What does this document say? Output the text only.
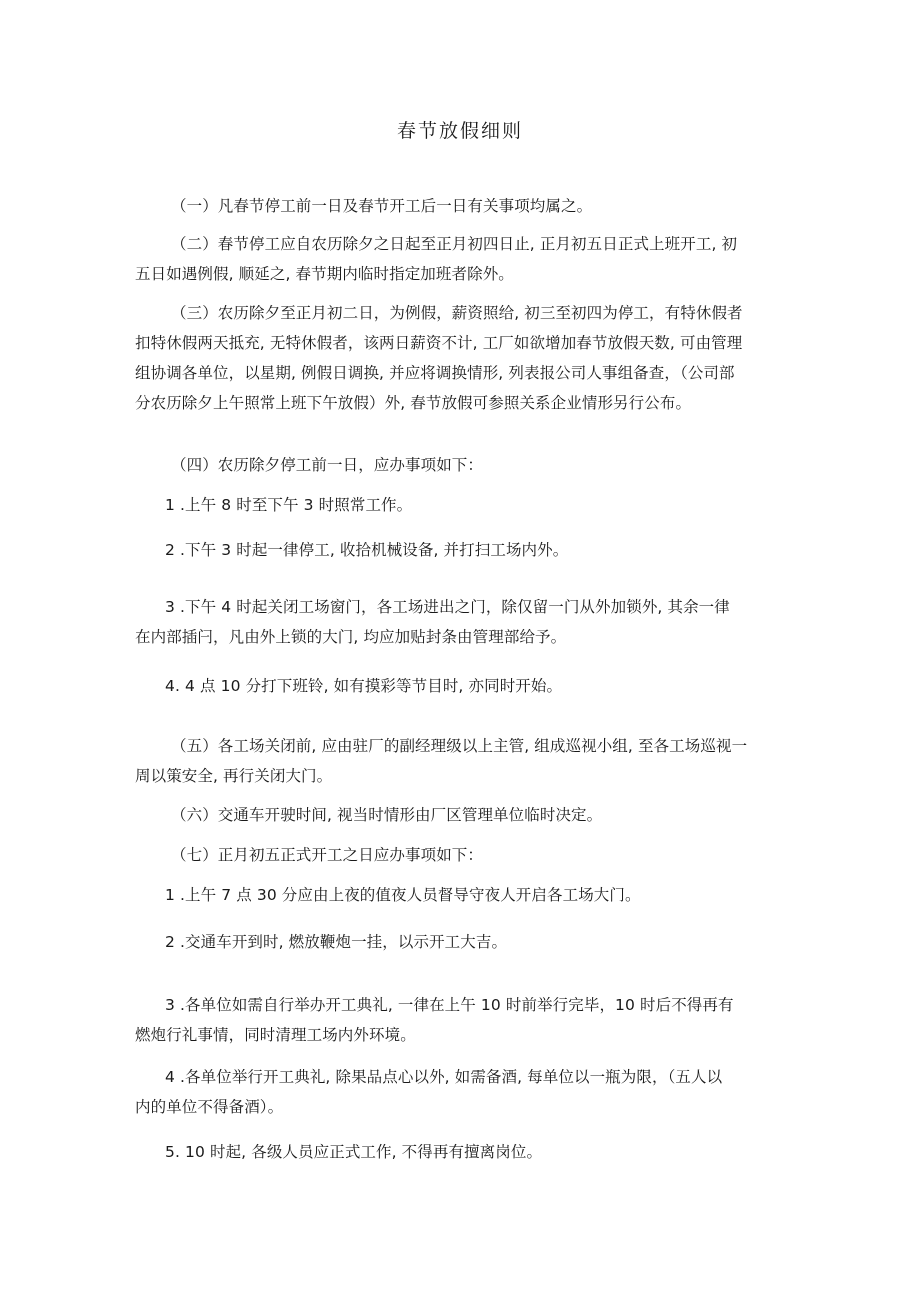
春节放假细则
（一）凡春节停工前一日及春节开工后一日有关事项均属之。
（二）春节停工应自农历除夕之日起至正月初四日止, 正月初五日正式上班开工, 初
五日如遇例假, 顺延之, 春节期内临时指定加班者除外。
（三）农历除夕至正月初二日，为例假，薪资照给, 初三至初四为停工，有特休假者
扣特休假两天抵充, 无特休假者，该两日薪资不计, 工厂如欲增加春节放假天数, 可由管理
组协调各单位，以星期, 例假日调换, 并应将调换情形, 列表报公司人事组备查，（公司部
分农历除夕上午照常上班下午放假）外, 春节放假可参照关系企业情形另行公布。
（四）农历除夕停工前一日，应办事项如下：
1 .上午 8 时至下午 3 时照常工作。
2 .下午 3 时起一律停工, 收拾机械设备, 并打扫工场内外。
3 .下午 4 时起关闭工场窗门，各工场进出之门，除仅留一门从外加锁外, 其余一律
在内部插闩，凡由外上锁的大门, 均应加贴封条由管理部给予。
4. 4 点 10 分打下班铃, 如有摸彩等节目时, 亦同时开始。
（五）各工场关闭前, 应由驻厂的副经理级以上主管, 组成巡视小组, 至各工场巡视一
周以策安全, 再行关闭大门。
（六）交通车开驶时间, 视当时情形由厂区管理单位临时决定。
（七）正月初五正式开工之日应办事项如下：
1 .上午 7 点 30 分应由上夜的值夜人员督导守夜人开启各工场大门。
2 .交通车开到时, 燃放鞭炮一挂，以示开工大吉。
3 .各单位如需自行举办开工典礼, 一律在上午 10 时前举行完毕，10 时后不得再有
燃炮行礼事情，同时清理工场内外环境。
4 .各单位举行开工典礼, 除果品点心以外, 如需备酒, 每单位以一瓶为限，（五人以
内的单位不得备酒）。
5. 10 时起, 各级人员应正式工作, 不得再有擅离岗位。
